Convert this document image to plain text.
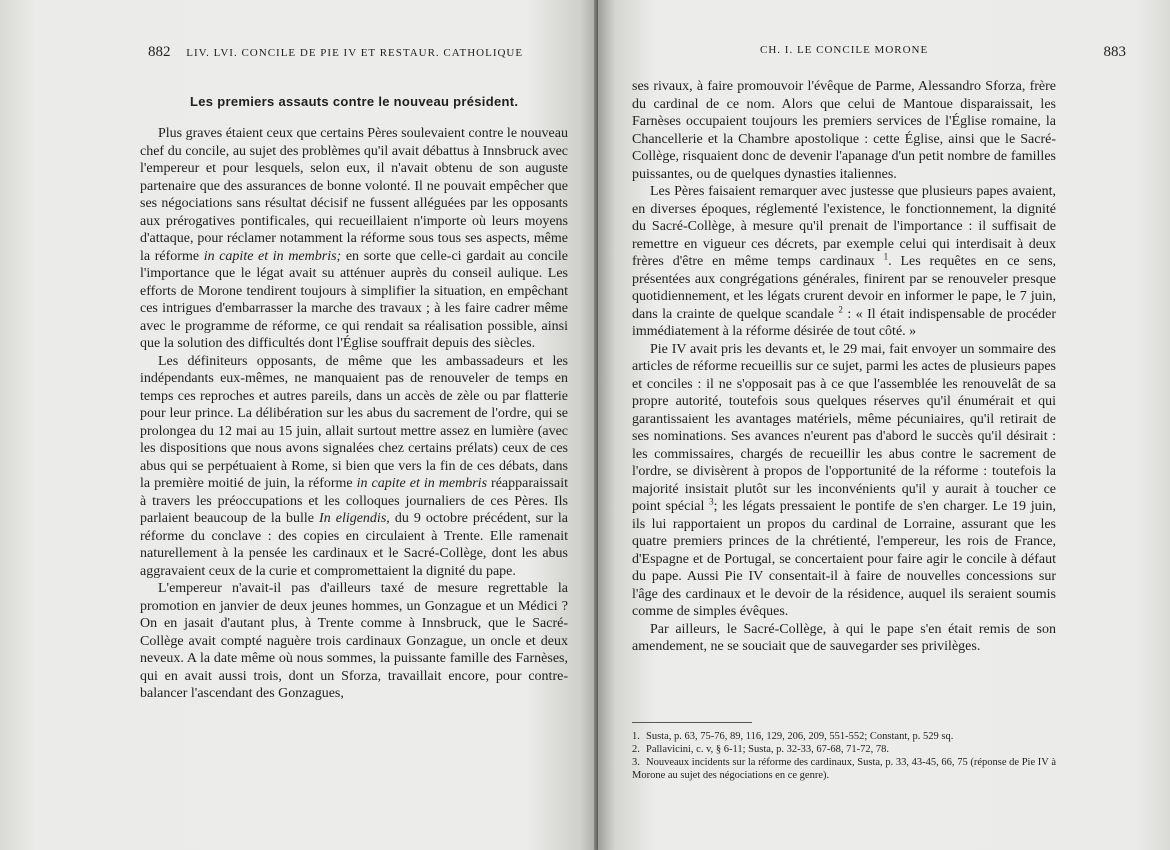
882 LIV. LVI. CONCILE DE PIE IV ET RESTAUR. CATHOLIQUE
Les premiers assauts contre le nouveau président.

Plus graves étaient ceux que certains Pères soulevaient contre le nouveau chef du concile, au sujet des problèmes qu'il avait débattus à Innsbruck avec l'empereur et pour lesquels, selon eux, il n'avait obtenu de son auguste partenaire que des assurances de bonne volonté. Il ne pouvait empêcher que ses négociations sans résultat décisif ne fussent alléguées par les opposants aux prérogatives pontificales, qui recueillaient n'importe où leurs moyens d'attaque, pour réclamer notamment la réforme sous tous ses aspects, même la réforme in capite et in membris; en sorte que celle-ci gardait au concile l'importance que le légat avait su atténuer auprès du conseil aulique. Les efforts de Morone tendirent toujours à simplifier la situation, en empêchant ces intrigues d'embarrasser la marche des travaux ; à les faire cadrer même avec le programme de réforme, ce qui rendait sa réalisation possible, ainsi que la solution des difficultés dont l'Église souffrait depuis des siècles.

Les définiteurs opposants, de même que les ambassadeurs et les indépendants eux-mêmes, ne manquaient pas de renouveler de temps en temps ces reproches et autres pareils, dans un accès de zèle ou par flatterie pour leur prince. La délibération sur les abus du sacrement de l'ordre, qui se prolongea du 12 mai au 15 juin, allait surtout mettre assez en lumière (avec les dispositions que nous avons signalées chez certains prélats) ceux de ces abus qui se perpétuaient à Rome, si bien que vers la fin de ces débats, dans la première moitié de juin, la réforme in capite et in membris réapparaissait à travers les préoccupations et les colloques journaliers de ces Pères. Ils parlaient beaucoup de la bulle In eligendis, du 9 octobre précédent, sur la réforme du conclave : des copies en circulaient à Trente. Elle ramenait naturellement à la pensée les cardinaux et le Sacré-Collège, dont les abus aggravaient ceux de la curie et compromettaient la dignité du pape.

L'empereur n'avait-il pas d'ailleurs taxé de mesure regrettable la promotion en janvier de deux jeunes hommes, un Gonzague et un Médici ? On en jasait d'autant plus, à Trente comme à Innsbruck, que le Sacré-Collège avait compté naguère trois cardinaux Gonzague, un oncle et deux neveux. A la date même où nous sommes, la puissante famille des Farnèses, qui en avait aussi trois, dont un Sforza, travaillait encore, pour contre-balancer l'ascendant des Gonzagues,

CH. I. LE CONCILE MORONE	883

ses rivaux, à faire promouvoir l'évêque de Parme, Alessandro Sforza, frère du cardinal de ce nom. Alors que celui de Mantoue disparaissait, les Farnèses occupaient toujours les premiers services de l'Église romaine, la Chancellerie et la Chambre apostolique : cette Église, ainsi que le Sacré-Collège, risquaient donc de devenir l'apanage d'un petit nombre de familles puissantes, ou de quelques dynasties italiennes.

Les Pères faisaient remarquer avec justesse que plusieurs papes avaient, en diverses époques, réglementé l'existence, le fonctionnement, la dignité du Sacré-Collège, à mesure qu'il prenait de l'importance : il suffisait de remettre en vigueur ces décrets, par exemple celui qui interdisait à deux frères d'être en même temps cardinaux $^1$. Les requêtes en ce sens, présentées aux congrégations générales, finirent par se renouveler presque quotidiennement, et les légats crurent devoir en informer le pape, le 7 juin, dans la crainte de quelque scandale $^2$ : « Il était indispensable de procéder immédiatement à la réforme désirée de tout côté. »

Pie IV avait pris les devants et, le 29 mai, fait envoyer un sommaire des articles de réforme recueillis sur ce sujet, parmi les actes de plusieurs papes et conciles : il ne s'opposait pas à ce que l'assemblée les renouvelât de sa propre autorité, toutefois sous quelques réserves qu'il énumérait et qui garantissaient les avantages matériels, même pécuniaires, qu'il retirait de ses nominations. Ses avances n'eurent pas d'abord le succès qu'il désirait : les commissaires, chargés de recueillir les abus contre le sacrement de l'ordre, se divisèrent à propos de l'opportunité de la réforme : toutefois la majorité insistait plutôt sur les inconvénients qu'il y aurait à toucher ce point spécial $^3$; les légats pressaient le pontife de s'en charger. Le 19 juin, ils lui rapportaient un propos du cardinal de Lorraine, assurant que les quatre premiers princes de la chrétienté, l'empereur, les rois de France, d'Espagne et de Portugal, se concertaient pour faire agir le concile à défaut du pape. Aussi Pie IV consentait-il à faire de nouvelles concessions sur l'âge des cardinaux et le devoir de la résidence, auquel ils seraient soumis comme de simples évêques.

Par ailleurs, le Sacré-Collège, à qui le pape s'en était remis de son amendement, ne se souciait que de sauvegarder ses privilèges.

1. Susta, p. 63, 75-76, 89, 116, 129, 206, 209, 551-552; Constant, p. 529 sq.
2. Pallavicini, c. v, § 6-11; Susta, p. 32-33, 67-68, 71-72, 78.
3. Nouveaux incidents sur la réforme des cardinaux, Susta, p. 33, 43-45, 66, 75 (réponse de Pie IV à Morone au sujet des négociations en ce genre).
